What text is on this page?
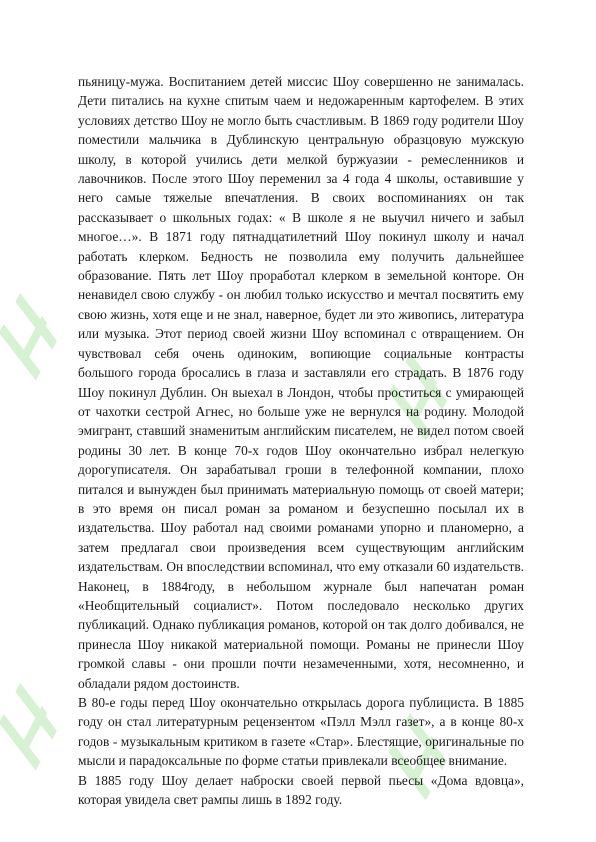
пьяницу-мужа. Воспитанием детей миссис Шоу совершенно не занималась. Дети питались на кухне спитым чаем и недожаренным картофелем. В этих условиях детство Шоу не могло быть счастливым. В 1869 году родители Шоу поместили мальчика в Дублинскую центральную образцовую мужскую школу, в которой учились дети мелкой буржуазии - ремесленников и лавочников. После этого Шоу переменил за 4 года 4 школы, оставившие у него самые тяжелые впечатления. В своих воспоминаниях он так рассказывает о школьных годах: « В школе я не выучил ничего и забыл многое…». В 1871 году пятнадцатилетний Шоу покинул школу и начал работать клерком. Бедность не позволила ему получить дальнейшее образование. Пять лет Шоу проработал клерком в земельной конторе. Он ненавидел свою службу - он любил только искусство и мечтал посвятить ему свою жизнь, хотя еще и не знал, наверное, будет ли это живопись, литература или музыка. Этот период своей жизни Шоу вспоминал с отвращением. Он чувствовал себя очень одиноким, вопиющие социальные контрасты большого города бросались в глаза и заставляли его страдать. В 1876 году Шоу покинул Дублин. Он выехал в Лондон, чтобы проститься с умирающей от чахотки сестрой Агнес, но больше уже не вернулся на родину. Молодой эмигрант, ставший знаменитым английским писателем, не видел потом своей родины 30 лет. В конце 70-х годов Шоу окончательно избрал нелегкую дорогуписателя. Он зарабатывал гроши в телефонной компании, плохо питался и вынужден был принимать материальную помощь от своей матери; в это время он писал роман за романом и безуспешно посылал их в издательства. Шоу работал над своими романами упорно и планомерно, а затем предлагал свои произведения всем существующим английским издательствам. Он впоследствии вспоминал, что ему отказали 60 издательств. Наконец, в 1884году, в небольшом журнале был напечатан роман «Необщительный социалист». Потом последовало несколько других публикаций. Однако публикация романов, которой он так долго добивался, не принесла Шоу никакой материальной помощи. Романы не принесли Шоу громкой славы - они прошли почти незамеченными, хотя, несомненно, и обладали рядом достоинств.

В 80-е годы перед Шоу окончательно открылась дорога публициста. В 1885 году он стал литературным рецензентом «Пэлл Мэлл газет», а в конце 80-х годов - музыкальным критиком в газете «Стар». Блестящие, оригинальные по мысли и парадоксальные по форме статьи привлекали всеобщее внимание.

В 1885 году Шоу делает наброски своей первой пьесы «Дома вдовца», которая увидела свет рампы лишь в 1892 году.
